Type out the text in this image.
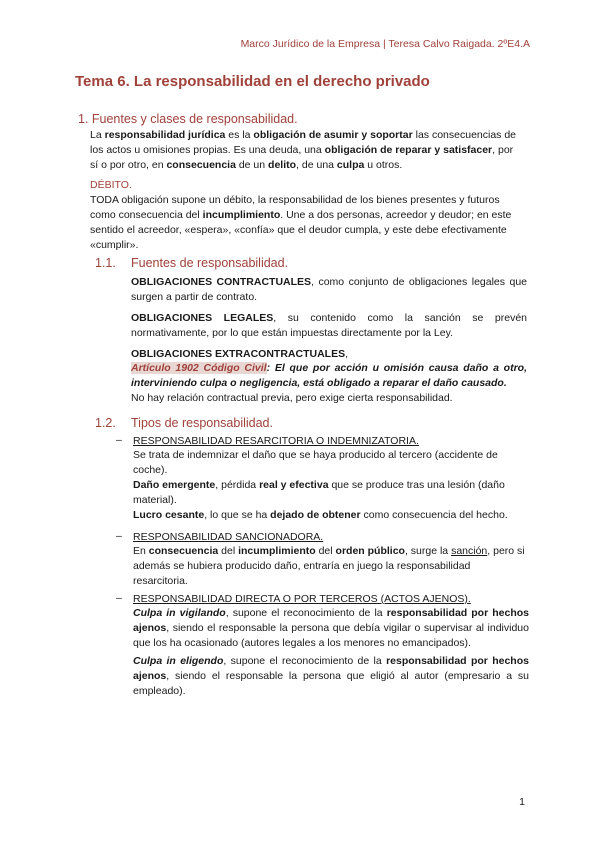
Marco Jurídico de la Empresa | Teresa Calvo Raigada. 2ºE4.A
Tema 6. La responsabilidad en el derecho privado
1. Fuentes y clases de responsabilidad.

La responsabilidad jurídica es la obligación de asumir y soportar las consecuencias de los actos u omisiones propias. Es una deuda, una obligación de reparar y satisfacer, por sí o por otro, en consecuencia de un delito, de una culpa u otros.

DÉBITO.

TODA obligación supone un débito, la responsabilidad de los bienes presentes y futuros como consecuencia del incumplimiento. Une a dos personas, acreedor y deudor; en este sentido el acreedor, «espera», «confía» que el deudor cumpla, y este debe efectivamente «cumplir».

1.1. Fuentes de responsabilidad.

OBLIGACIONES CONTRACTUALES, como conjunto de obligaciones legales que surgen a partir de contrato.

OBLIGACIONES LEGALES, su contenido como la sanción se prevén normativamente, por lo que están impuestas directamente por la Ley.

OBLIGACIONES EXTRACONTRACTUALES,

Artículo 1902 Código Civil: El que por acción u omisión causa daño a otro, interviniendo culpa o negligencia, está obligado a reparar el daño causado.

No hay relación contractual previa, pero exige cierta responsabilidad.

1.2. Tipos de responsabilidad.
– RESPONSABILIDAD RESARCITORIA O INDEMNIZATORIA.

Se trata de indemnizar el daño que se haya producido al tercero (accidente de coche).

Daño emergente, pérdida real y efectiva que se produce tras una lesión (daño material).

Lucro cesante, lo que se ha dejado de obtener como consecuencia del hecho.

– RESPONSABILIDAD SANCIONADORA.

En consecuencia del incumplimiento del orden público, surge la sanción, pero si además se hubiera producido daño, entraría en juego la responsabilidad resarcitoria.

– RESPONSABILIDAD DIRECTA O POR TERCEROS (ACTOS AJENOS).

Culpa in vigilando, supone el reconocimiento de la responsabilidad por hechos ajenos, siendo el responsable la persona que debía vigilar o supervisar al individuo que los ha ocasionado (autores legales a los menores no emancipados).

Culpa in eligendo, supone el reconocimiento de la responsabilidad por hechos ajenos, siendo el responsable la persona que eligió al autor (empresario a su empleado).

1
